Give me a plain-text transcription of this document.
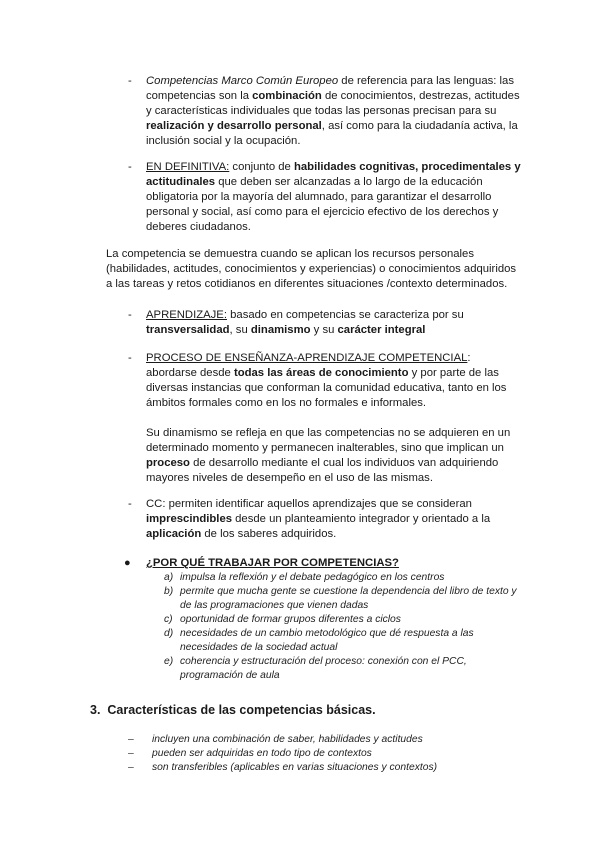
-	Competencias Marco Común Europeo de referencia para las lenguas: las competencias son la combinación de conocimientos, destrezas, actitudes y características individuales que todas las personas precisan para su realización y desarrollo personal, así como para la ciudadanía activa, la inclusión social y la ocupación.

-	EN DEFINITIVA: conjunto de habilidades cognitivas, procedimentales y actitudinales que deben ser alcanzadas a lo largo de la educación obligatoria por la mayoría del alumnado, para garantizar el desarrollo personal y social, así como para el ejercicio efectivo de los derechos y deberes ciudadanos.

La competencia se demuestra cuando se aplican los recursos personales (habilidades, actitudes, conocimientos y experiencias) o conocimientos adquiridos a las tareas y retos cotidianos en diferentes situaciones /contexto determinados.
-	APRENDIZAJE: basado en competencias se caracteriza por su transversalidad, su dinamismo y su carácter integral

-	PROCESO DE ENSEÑANZA-APRENDIZAJE COMPETENCIAL: abordarse desde todas las áreas de conocimiento y por parte de las diversas instancias que conforman la comunidad educativa, tanto en los ámbitos formales como en los no formales e informales.

Su dinamismo se refleja en que las competencias no se adquieren en un determinado momento y permanecen inalterables, sino que implican un proceso de desarrollo mediante el cual los individuos van adquiriendo mayores niveles de desempeño en el uso de las mismas.

-	CC: permiten identificar aquellos aprendizajes que se consideran imprescindibles desde un planteamiento integrador y orientado a la aplicación de los saberes adquiridos.

● ¿POR QUÉ TRABAJAR POR COMPETENCIAS?
a) impulsa la reflexión y el debate pedagógico en los centros
b) permite que mucha gente se cuestione la dependencia del libro de texto y de las programaciones que vienen dadas
c) oportunidad de formar grupos diferentes a ciclos
d) necesidades de un cambio metodológico que dé respuesta a las necesidades de la sociedad actual
e) coherencia y estructuración del proceso: conexión con el PCC, programación de aula
3. Características de las competencias básicas.
–	incluyen una combinación de saber, habilidades y actitudes
–	pueden ser adquiridas en todo tipo de contextos
–	son transferibles (aplicables en varias situaciones y contextos)
